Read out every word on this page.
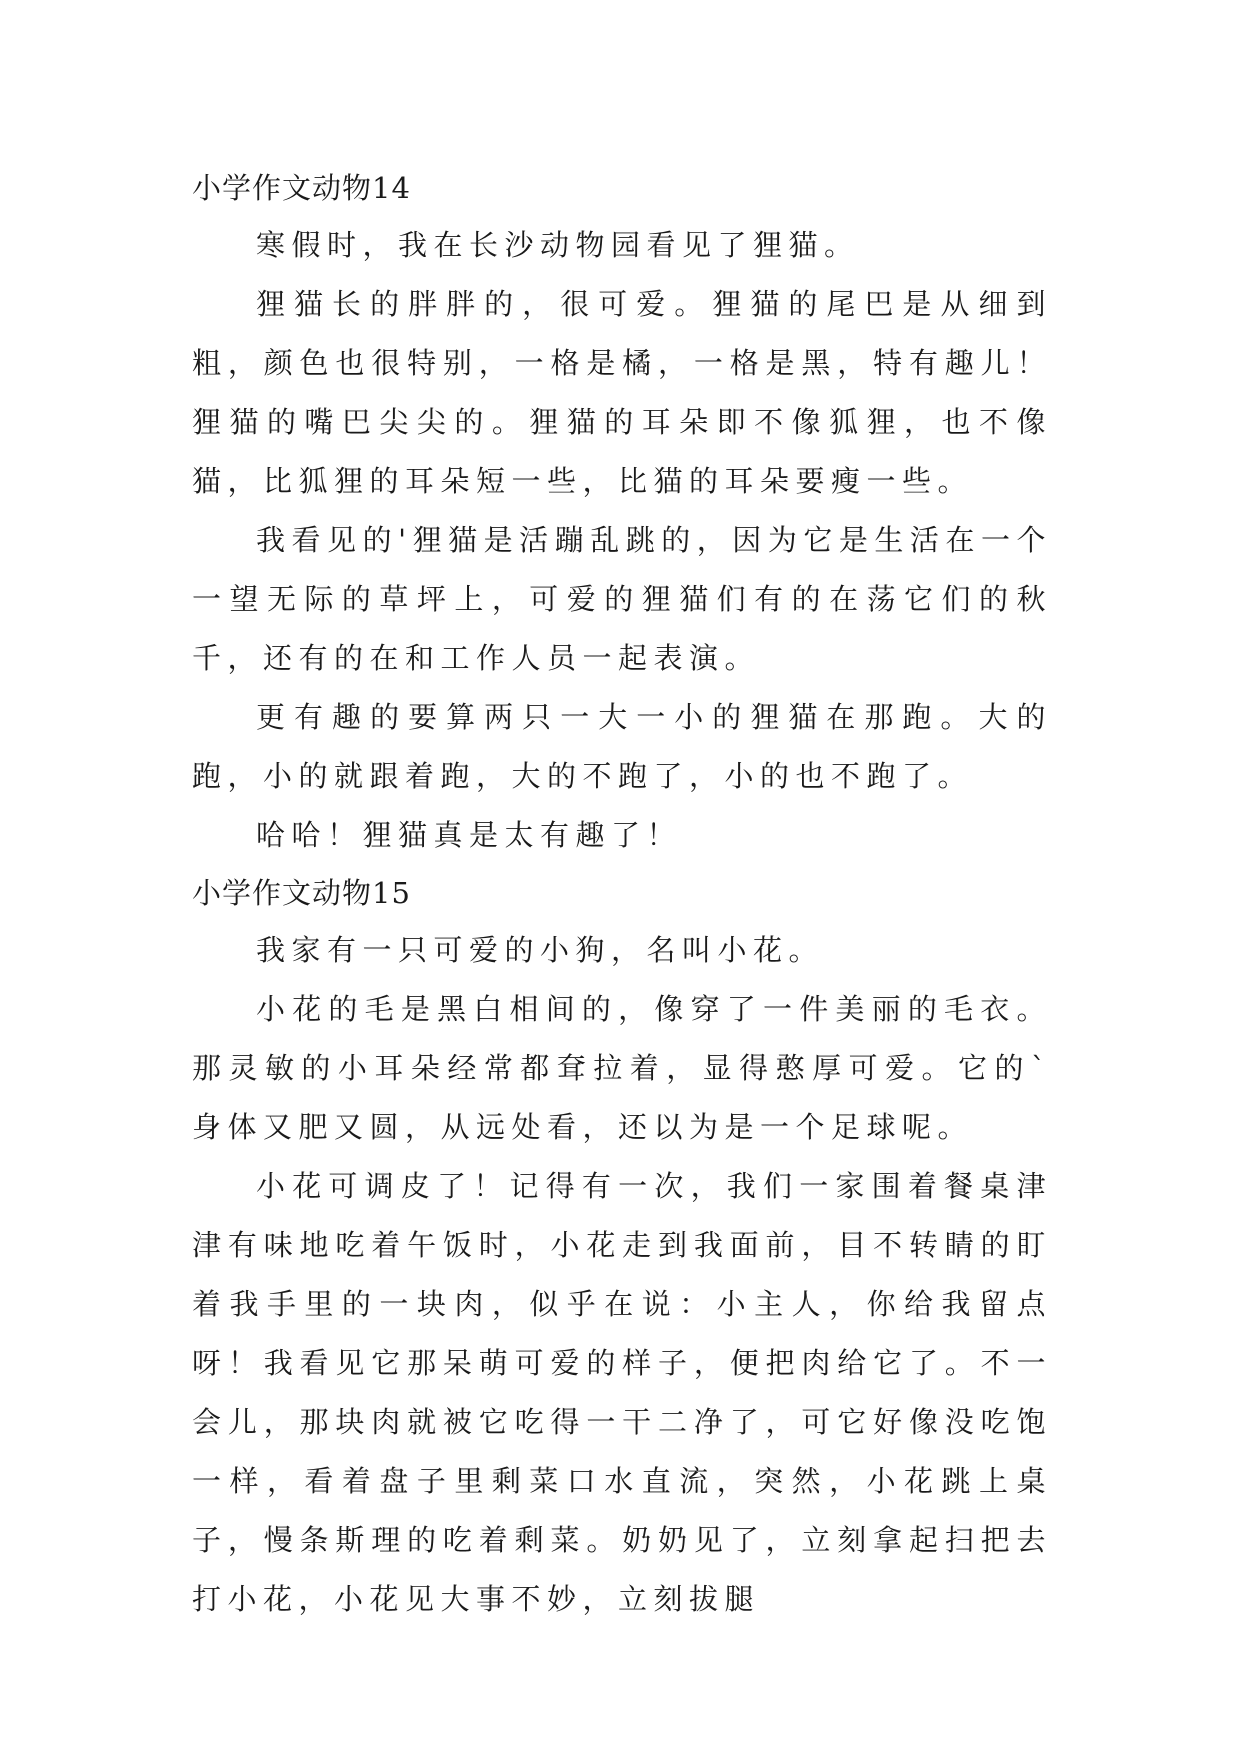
小学作文动物14

寒假时，我在长沙动物园看见了狸猫。

狸猫长的胖胖的，很可爱。狸猫的尾巴是从细到粗，颜色也很特别，一格是橘，一格是黑，特有趣儿！狸猫的嘴巴尖尖的。狸猫的耳朵即不像狐狸，也不像猫，比狐狸的耳朵短一些，比猫的耳朵要瘦一些。

我看见的'狸猫是活蹦乱跳的，因为它是生活在一个一望无际的草坪上，可爱的狸猫们有的在荡它们的秋千，还有的在和工作人员一起表演。

更有趣的要算两只一大一小的狸猫在那跑。大的跑，小的就跟着跑，大的不跑了，小的也不跑了。

哈哈！狸猫真是太有趣了！

小学作文动物15

我家有一只可爱的小狗，名叫小花。

小花的毛是黑白相间的，像穿了一件美丽的毛衣。那灵敏的小耳朵经常都耷拉着，显得憨厚可爱。它的`身体又肥又圆，从远处看，还以为是一个足球呢。

小花可调皮了！记得有一次，我们一家围着餐桌津津有味地吃着午饭时，小花走到我面前，目不转睛的盯着我手里的一块肉，似乎在说：小主人，你给我留点呀！我看见它那呆萌可爱的样子，便把肉给它了。不一会儿，那块肉就被它吃得一干二净了，可它好像没吃饱一样，看着盘子里剩菜口水直流，突然，小花跳上桌子，慢条斯理的吃着剩菜。奶奶见了，立刻拿起扫把去打小花，小花见大事不妙，立刻拔腿
